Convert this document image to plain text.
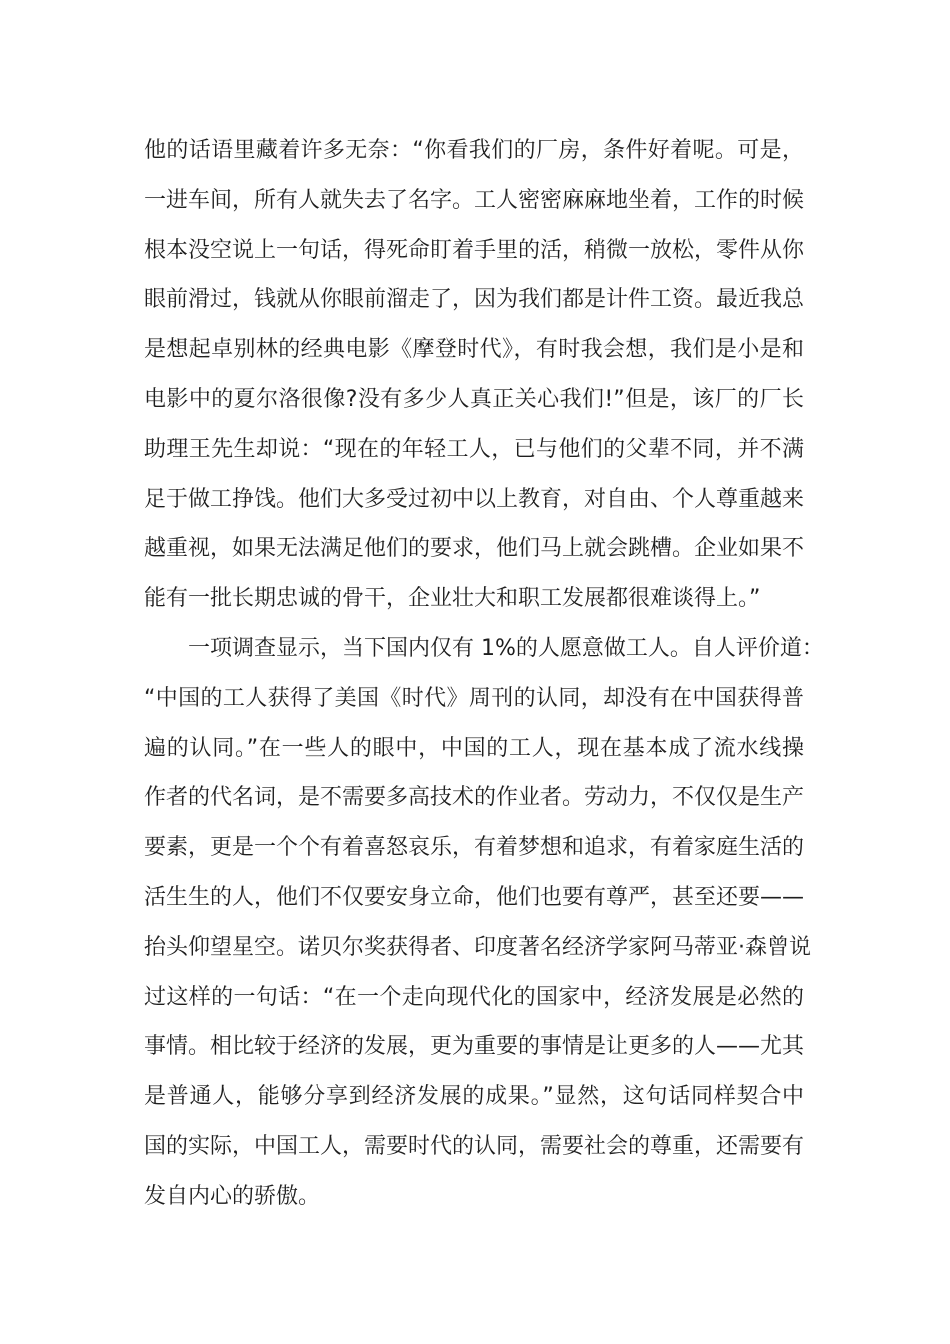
他的话语里藏着许多无奈：“你看我们的厂房，条件好着呢。可是，
一进车间，所有人就失去了名字。工人密密麻麻地坐着，工作的时候
根本没空说上一句话，得死命盯着手里的活，稍微一放松，零件从你
眼前滑过，钱就从你眼前溜走了，因为我们都是计件工资。最近我总
是想起卓别林的经典电影《摩登时代》，有时我会想，我们是小是和
电影中的夏尔洛很像?没有多少人真正关心我们!”但是，该厂的厂长
助理王先生却说：“现在的年轻工人，已与他们的父辈不同，并不满
足于做工挣饯。他们大多受过初中以上教育，对自由、个人尊重越来
越重视，如果无法满足他们的要求，他们马上就会跳槽。企业如果不
能有一批长期忠诚的骨干，企业壮大和职工发展都很难谈得上。”
一项调查显示，当下国内仅有 1%的人愿意做工人。自人评价道：
“中国的工人获得了美国《时代》周刊的认同，却没有在中国获得普
遍的认同。”在一些人的眼中，中国的工人，现在基本成了流水线操
作者的代名词，是不需要多高技术的作业者。劳动力，不仅仅是生产
要素，更是一个个有着喜怒哀乐，有着梦想和追求，有着家庭生活的
活生生的人，他们不仅要安身立命，他们也要有尊严，甚至还要——
抬头仰望星空。诺贝尔奖获得者、印度著名经济学家阿马蒂亚·森曾说
过这样的一句话：“在一个走向现代化的国家中，经济发展是必然的
事情。相比较于经济的发展，更为重要的事情是让更多的人——尤其
是普通人，能够分享到经济发展的成果。”显然，这句话同样契合中
国的实际，中国工人，需要时代的认同，需要社会的尊重，还需要有
发自内心的骄傲。
